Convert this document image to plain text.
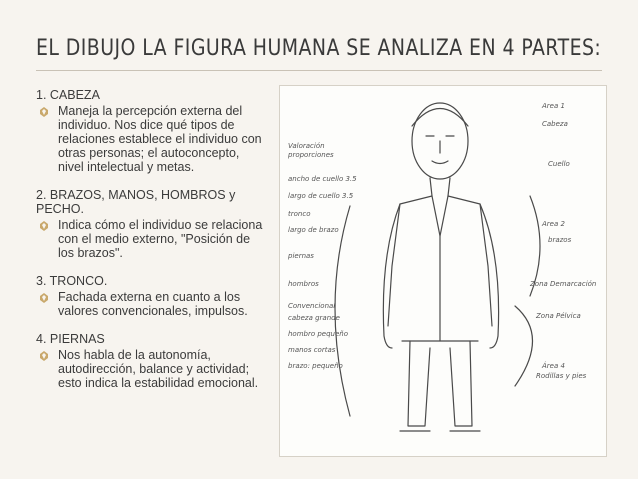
EL DIBUJO LA FIGURA HUMANA SE ANALIZA EN 4 PARTES:
1. CABEZA
Maneja la percepción externa del individuo. Nos dice qué tipos de relaciones establece el individuo con otras personas; el autoconcepto, nivel intelectual y metas.
2. BRAZOS, MANOS, HOMBROS y PECHO.
Indica cómo el individuo se relaciona con el medio externo, "Posición de los brazos".
3. TRONCO.
Fachada externa en cuanto a los valores convencionales, impulsos.
4. PIERNAS
Nos habla de la autonomía, autodirección, balance y actividad; esto indica la estabilidad emocional.
Valoración
proporciones
ancho de cuello 3.5
largo de cuello 3.5
tronco
largo de brazo
piernas
hombros
Convencional
cabeza grande
hombro pequeño
manos cortas
brazo: pequeño
Area 1
Cabeza
Cuello
Area 2
brazos
Zona Demarcación
Zona Pélvica
Área 4
Rodillas y pies
